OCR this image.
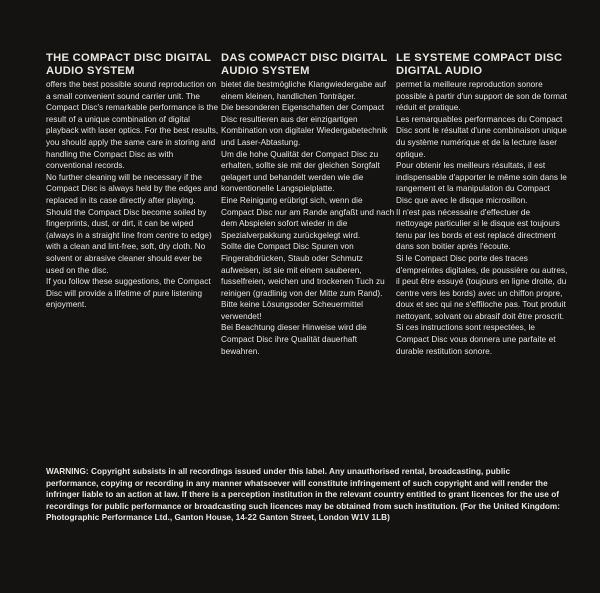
THE COMPACT DISC DIGITAL AUDIO SYSTEM

offers the best possible sound reproduction on a small convenient sound carrier unit. The Compact Disc's remarkable performance is the result of a unique combination of digital playback with laser optics. For the best results, you should apply the same care in storing and handling the Compact Disc as with conventional records.

No further cleaning will be necessary if the Compact Disc is always held by the edges and replaced in its case directly after playing. Should the Compact Disc become soiled by fingerprints, dust, or dirt, it can be wiped (always in a straight line from centre to edge) with a clean and lint-free, soft, dry cloth. No solvent or abrasive cleaner should ever be used on the disc.

If you follow these suggestions, the Compact Disc will provide a lifetime of pure listening enjoyment.

DAS COMPACT DISC DIGITAL AUDIO SYSTEM

bietet die bestmögliche Klangwiedergabe auf einem kleinen, handlichen Tonträger.

Die besonderen Eigenschaften der Compact Disc resultieren aus der einzigartigen Kombination von digitaler Wiedergabetechnik und Laser-Abtastung.

Um die hohe Qualität der Compact Disc zu erhalten, sollte sie mit der gleichen Sorgfalt gelagert und behandelt werden wie die konventionelle Langspielplatte.

Eine Reinigung erübrigt sich, wenn die Compact Disc nur am Rande angfaßt und nach dem Abspielen sofort wieder in die Spezialverpakkung zurückgelegt wird.

Sollte die Compact Disc Spuren von Fingerabdrücken, Staub oder Schmutz aufweisen, ist sie mit einem sauberen, fusselfreien, weichen und trockenen Tuch zu reinigen (gradlinig von der Mitte zum Rand). Bitte keine Lösungsoder Scheuermittel verwendet!

Bei Beachtung dieser Hinweise wird die Compact Disc ihre Qualität dauerhaft bewahren.

LE SYSTEME COMPACT DISC DIGITAL AUDIO

permet la meilleure reproduction sonore possible à partir d'un support de son de format réduit et pratique.

Les remarquables performances du Compact Disc sont le résultat d'une combinaison unique du système numérique et de la lecture laser optique.

Pour obtenir les meilleurs résultats, il est indispensable d'apporter le même soin dans le rangement et la manipulation du Compact Disc que avec le disque microsillon.

Il n'est pas nécessaire d'effectuer de nettoyage particulier si le disque est toujours tenu par les bords et est replacé directment dans son boitier après l'écoute.

Si le Compact Disc porte des traces d'empreintes digitales, de poussière ou autres, il peut être essuyé (toujours en ligne droite, du centre vers les bords) avec un chiffon propre, doux et sec qui ne s'effiloche pas. Tout produit nettoyant, solvant ou abrasif doit être proscrit.

Si ces instructions sont respectées, le Compact Disc vous donnera une parfaite et durable restitution sonore.

WARNING: Copyright subsists in all recordings issued under this label. Any unauthorised rental, broadcasting, public performance, copying or recording in any manner whatsoever will constitute infringement of such copyright and will render the infringer liable to an action at law. If there is a perception institution in the relevant country entitled to grant licences for the use of recordings for public performance or broadcasting such licences may be obtained from such institution. (For the United Kingdom: Photographic Performance Ltd., Ganton House, 14-22 Ganton Street, London W1V 1LB)
